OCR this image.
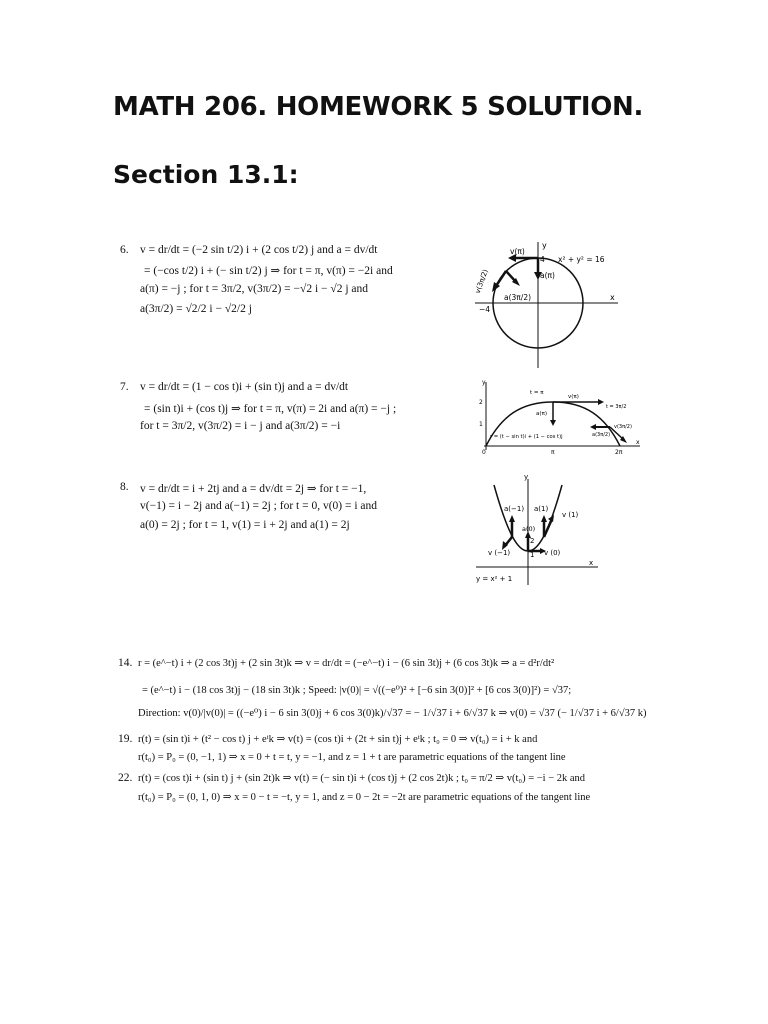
MATH 206. HOMEWORK 5 SOLUTION.
Section 13.1:
6. v = dr/dt = (−2 sin t/2) i + (2 cos t/2) j and a = dv/dt
= (−cos t/2) i + (− sin t/2) j ⇒ for t = π, v(π) = −2i and
a(π) = −j ; for t = 3π/2, v(3π/2) = −√2 i − √2 j and
a(3π/2) = √2/2 i − √2/2 j
y
x
x² + y² = 16
v(π)
4
a(π)
v(3π/2)
a(3π/2)
−4
7. v = dr/dt = (1 − cos t)i + (sin t)j and a = dv/dt
= (sin t)i + (cos t)j ⇒ for t = π, v(π) = 2i and a(π) = −j ;
for t = 3π/2, v(3π/2) = i − j and a(3π/2) = −i
y
x
t = π
v(π)
t = 3π/2
a(π)
2
1
r = (t − sin t)i + (1 − cos t)j
v(3π/2)
a(3π/2)
0	π	2π
8. v = dr/dt = i + 2tj and a = dv/dt = 2j ⇒ for t = −1,
v(−1) = i − 2j and a(−1) = 2j ; for t = 0, v(0) = i and
a(0) = 2j ; for t = 1, v(1) = i + 2j and a(1) = 2j
y
x
a(−1) a(1)
v (1)
a(0)
2
1
v (−1)	v (0)
y = x² + 1
14. r = (e^−t) i + (2 cos 3t)j + (2 sin 3t)k ⇒ v = dr/dt = (−e^−t) i − (6 sin 3t)j + (6 cos 3t)k ⇒ a = d²r/dt²
= (e^−t) i − (18 cos 3t)j − (18 sin 3t)k ; Speed: |v(0)| = √((−e⁰)² + [−6 sin 3(0)]² + [6 cos 3(0)]²) = √37;
Direction: v(0)/|v(0)| = ((−e⁰) i − 6 sin 3(0)j + 6 cos 3(0)k)/√37 = − 1/√37 i + 6/√37 k ⇒ v(0) = √37 (− 1/√37 i + 6/√37 k)
19. r(t) = (sin t)i + (t² − cos t) j + eᵗk ⇒ v(t) = (cos t)i + (2t + sin t)j + eᵗk ; t₀ = 0 ⇒ v(t₀) = i + k and
r(t₀) = P₀ = (0, −1, 1) ⇒ x = 0 + t = t, y = −1, and z = 1 + t are parametric equations of the tangent line
22. r(t) = (cos t)i + (sin t) j + (sin 2t)k ⇒ v(t) = (− sin t)i + (cos t)j + (2 cos 2t)k ; t₀ = π/2 ⇒ v(t₀) = −i − 2k and
r(t₀) = P₀ = (0, 1, 0) ⇒ x = 0 − t = −t, y = 1, and z = 0 − 2t = −2t are parametric equations of the tangent line
